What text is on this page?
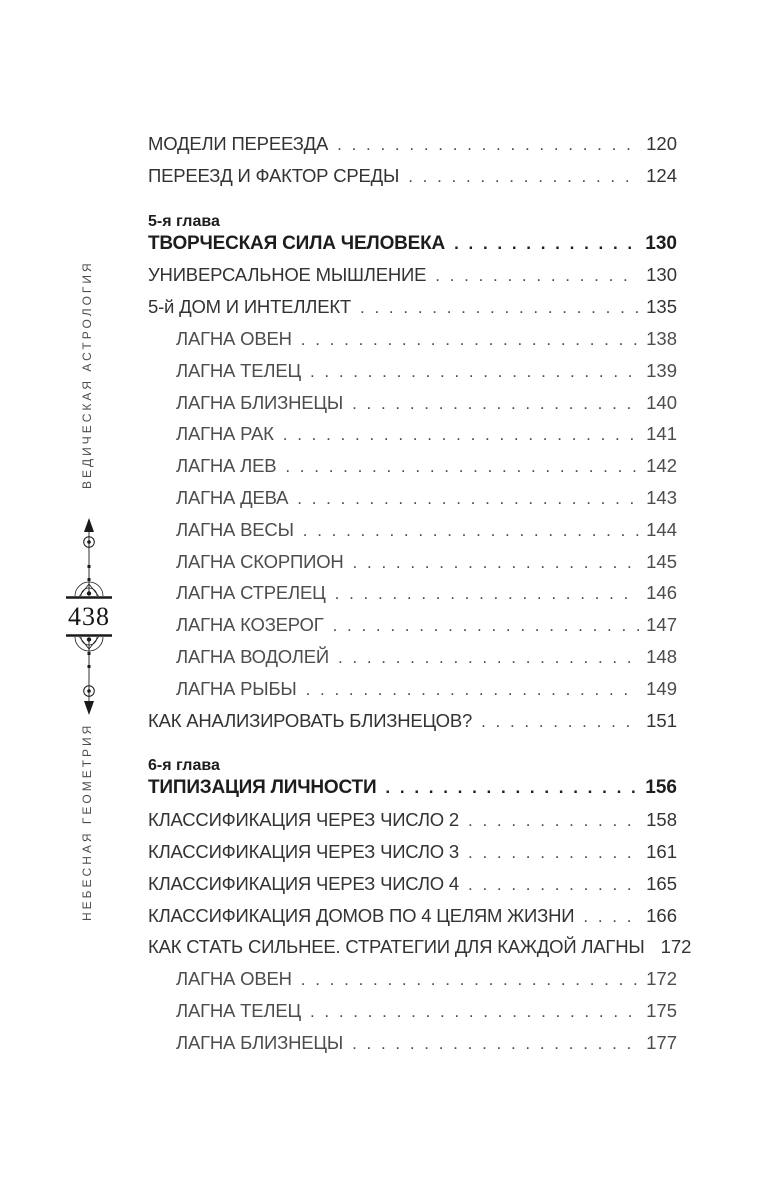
ВЕДИЧЕСКАЯ АСТРОЛОГИЯ
НЕБЕСНАЯ ГЕОМЕТРИЯ
438
МОДЕЛИ ПЕРЕЕЗДА . . .	120
ПЕРЕЕЗД И ФАКТОР СРЕДЫ . . .	124
5-я глава
ТВОРЧЕСКАЯ СИЛА ЧЕЛОВЕКА . . .	130
УНИВЕРСАЛЬНОЕ МЫШЛЕНИЕ . . .	130
5-й ДОМ И ИНТЕЛЛЕКТ . . .	135
ЛАГНА ОВЕН . . .	138
ЛАГНА ТЕЛЕЦ . . .	139
ЛАГНА БЛИЗНЕЦЫ . . .	140
ЛАГНА РАК . . .	141
ЛАГНА ЛЕВ . . .	142
ЛАГНА ДЕВА . . .	143
ЛАГНА ВЕСЫ . . .	144
ЛАГНА СКОРПИОН . . .	145
ЛАГНА СТРЕЛЕЦ . . .	146
ЛАГНА КОЗЕРОГ . . .	147
ЛАГНА ВОДОЛЕЙ . . .	148
ЛАГНА РЫБЫ . . .	149
КАК АНАЛИЗИРОВАТЬ БЛИЗНЕЦОВ? . . .	151
6-я глава
ТИПИЗАЦИЯ ЛИЧНОСТИ . . .	156
КЛАССИФИКАЦИЯ ЧЕРЕЗ ЧИСЛО 2 . . .	158
КЛАССИФИКАЦИЯ ЧЕРЕЗ ЧИСЛО 3 . . .	161
КЛАССИФИКАЦИЯ ЧЕРЕЗ ЧИСЛО 4 . . .	165
КЛАССИФИКАЦИЯ ДОМОВ ПО 4 ЦЕЛЯМ ЖИЗНИ . . .	166
КАК СТАТЬ СИЛЬНЕЕ. СТРАТЕГИИ ДЛЯ КАЖДОЙ ЛАГНЫ 172
ЛАГНА ОВЕН . . .	172
ЛАГНА ТЕЛЕЦ . . .	175
ЛАГНА БЛИЗНЕЦЫ . . .	177
